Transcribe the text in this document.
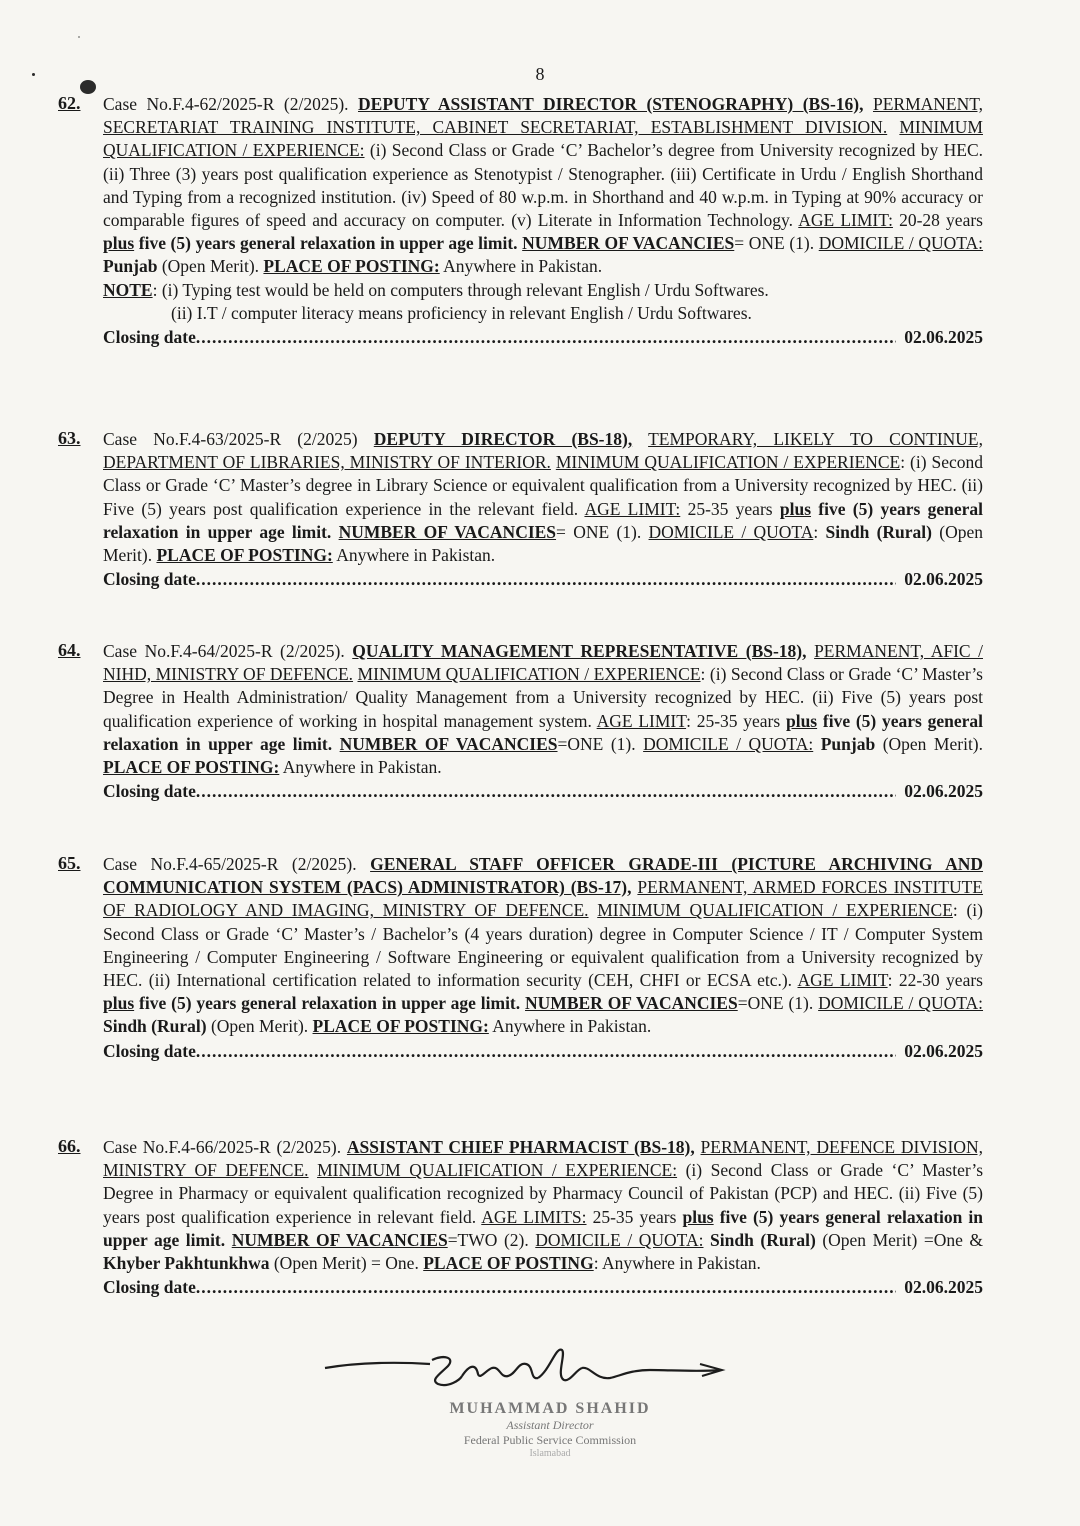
8
62.	Case No.F.4-62/2025-R (2/2025). DEPUTY ASSISTANT DIRECTOR (STENOGRAPHY) (BS-16), PERMANENT, SECRETARIAT TRAINING INSTITUTE, CABINET SECRETARIAT, ESTABLISHMENT DIVISION. MINIMUM QUALIFICATION / EXPERIENCE: (i) Second Class or Grade ‘C’ Bachelor’s degree from University recognized by HEC. (ii) Three (3) years post qualification experience as Stenotypist / Stenographer. (iii) Certificate in Urdu / English Shorthand and Typing from a recognized institution. (iv) Speed of 80 w.p.m. in Shorthand and 40 w.p.m. in Typing at 90% accuracy or comparable figures of speed and accuracy on computer. (v) Literate in Information Technology. AGE LIMIT: 20-28 years plus five (5) years general relaxation in upper age limit. NUMBER OF VACANCIES= ONE (1). DOMICILE / QUOTA: Punjab (Open Merit). PLACE OF POSTING: Anywhere in Pakistan.
NOTE: (i) Typing test would be held on computers through relevant English / Urdu Softwares.
(ii) I.T / computer literacy means proficiency in relevant English / Urdu Softwares.
Closing date .....	02.06.2025
63.	Case No.F.4-63/2025-R (2/2025) DEPUTY DIRECTOR (BS-18), TEMPORARY, LIKELY TO CONTINUE, DEPARTMENT OF LIBRARIES, MINISTRY OF INTERIOR. MINIMUM QUALIFICATION / EXPERIENCE: (i) Second Class or Grade ‘C’ Master’s degree in Library Science or equivalent qualification from a University recognized by HEC. (ii) Five (5) years post qualification experience in the relevant field. AGE LIMIT: 25-35 years plus five (5) years general relaxation in upper age limit. NUMBER OF VACANCIES= ONE (1). DOMICILE / QUOTA: Sindh (Rural) (Open Merit). PLACE OF POSTING: Anywhere in Pakistan.
Closing date .....	02.06.2025
64.	Case No.F.4-64/2025-R (2/2025). QUALITY MANAGEMENT REPRESENTATIVE (BS-18), PERMANENT, AFIC / NIHD, MINISTRY OF DEFENCE. MINIMUM QUALIFICATION / EXPERIENCE: (i) Second Class or Grade ‘C’ Master’s Degree in Health Administration/ Quality Management from a University recognized by HEC. (ii) Five (5) years post qualification experience of working in hospital management system. AGE LIMIT: 25-35 years plus five (5) years general relaxation in upper age limit. NUMBER OF VACANCIES=ONE (1). DOMICILE / QUOTA: Punjab (Open Merit). PLACE OF POSTING: Anywhere in Pakistan.
Closing date .....	02.06.2025
65.	Case No.F.4-65/2025-R (2/2025). GENERAL STAFF OFFICER GRADE-III (PICTURE ARCHIVING AND COMMUNICATION SYSTEM (PACS) ADMINISTRATOR) (BS-17), PERMANENT, ARMED FORCES INSTITUTE OF RADIOLOGY AND IMAGING, MINISTRY OF DEFENCE. MINIMUM QUALIFICATION / EXPERIENCE: (i) Second Class or Grade ‘C’ Master’s / Bachelor’s (4 years duration) degree in Computer Science / IT / Computer System Engineering / Computer Engineering / Software Engineering or equivalent qualification from a University recognized by HEC. (ii) International certification related to information security (CEH, CHFI or ECSA etc.). AGE LIMIT: 22-30 years plus five (5) years general relaxation in upper age limit. NUMBER OF VACANCIES=ONE (1). DOMICILE / QUOTA: Sindh (Rural) (Open Merit). PLACE OF POSTING: Anywhere in Pakistan.
Closing date .....	02.06.2025
66.	Case No.F.4-66/2025-R (2/2025). ASSISTANT CHIEF PHARMACIST (BS-18), PERMANENT, DEFENCE DIVISION, MINISTRY OF DEFENCE. MINIMUM QUALIFICATION / EXPERIENCE: (i) Second Class or Grade ‘C’ Master’s Degree in Pharmacy or equivalent qualification recognized by Pharmacy Council of Pakistan (PCP) and HEC. (ii) Five (5) years post qualification experience in relevant field. AGE LIMITS: 25-35 years plus five (5) years general relaxation in upper age limit. NUMBER OF VACANCIES=TWO (2). DOMICILE / QUOTA: Sindh (Rural) (Open Merit) =One & Khyber Pakhtunkhwa (Open Merit) = One. PLACE OF POSTING: Anywhere in Pakistan.
Closing date .....	02.06.2025
MUHAMMAD SHAHID
Assistant Director
Federal Public Service Commission
Islamabad
